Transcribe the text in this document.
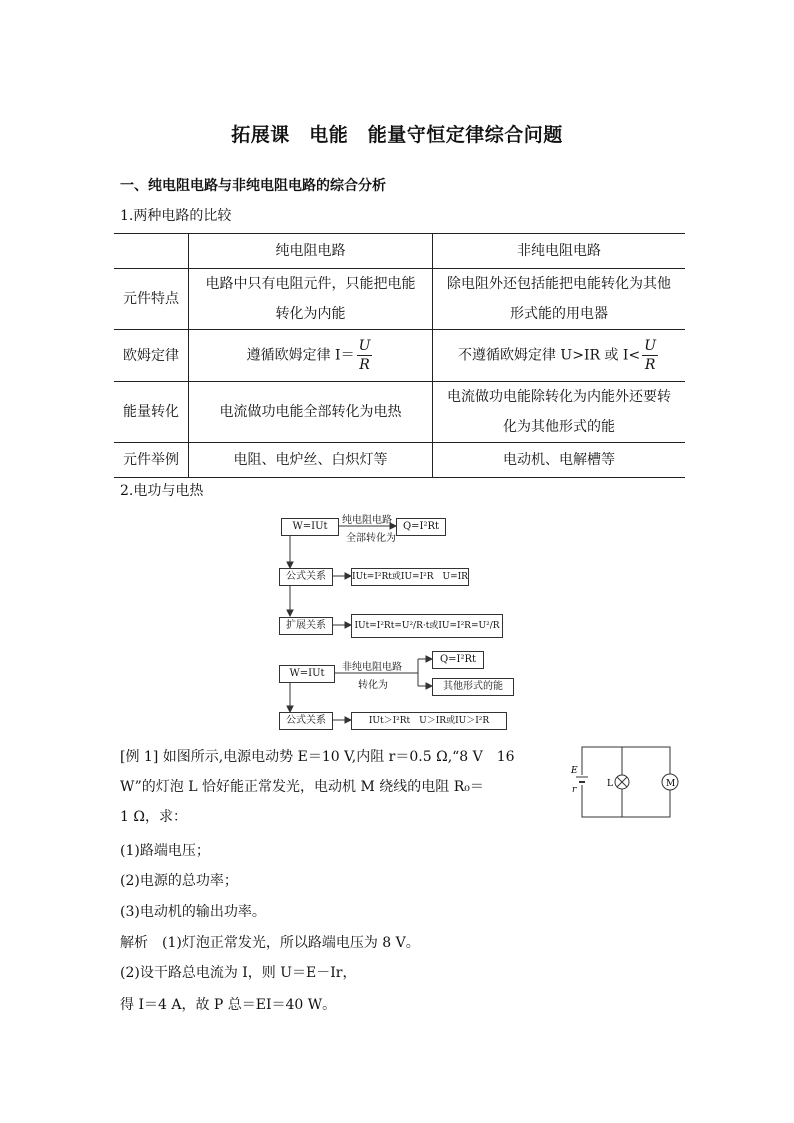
拓展课　电能　能量守恒定律综合问题
一、纯电阻电路与非纯电阻电路的综合分析
1.两种电路的比较
	纯电阻电路	非纯电阻电路
元件特点	电路中只有电阻元件，只能把电能转化为内能	除电阻外还包括能把电能转化为其他形式能的用电器
欧姆定律	遵循欧姆定律 $I= \frac{U}{R}$	不遵循欧姆定律 U>IR 或 $I< \frac{U}{R}$

能量转化	电流做功电能全部转化为电热	电流做功电能除转化为内能外还要转化为其他形式的能
元件举例	电阻、电炉丝、白炽灯等	电动机、电解槽等
2.电功与电热
W=IUt
纯电阻电路
全部转化为
Q=I²Rt
公式关系	IUt=I²Rt或IU=I²R　U=IR
扩展关系	IUt=I²Rt=U²/R·t或IU=I²R=U²/R
W=IUt
非纯电阻电路
转化为
Q=I²Rt
其他形式的能
公式关系	IUt＞I²Rt　U＞IR或IU＞I²R
[例 1] 如图所示,电源电动势 E＝10 V,内阻 r＝0.5 Ω,“8 V　16
W”的灯泡 L 恰好能正常发光，电动机 M 绕线的电阻 R₀＝
1 Ω，求：
(1)路端电压；
(2)电源的总功率；
(3)电动机的输出功率。
解析　(1)灯泡正常发光，所以路端电压为 8 V。
(2)设干路总电流为 I，则 U＝E－Ir，
得 I＝4 A，故 P 总＝EI＝40 W。
E
r
L	M
